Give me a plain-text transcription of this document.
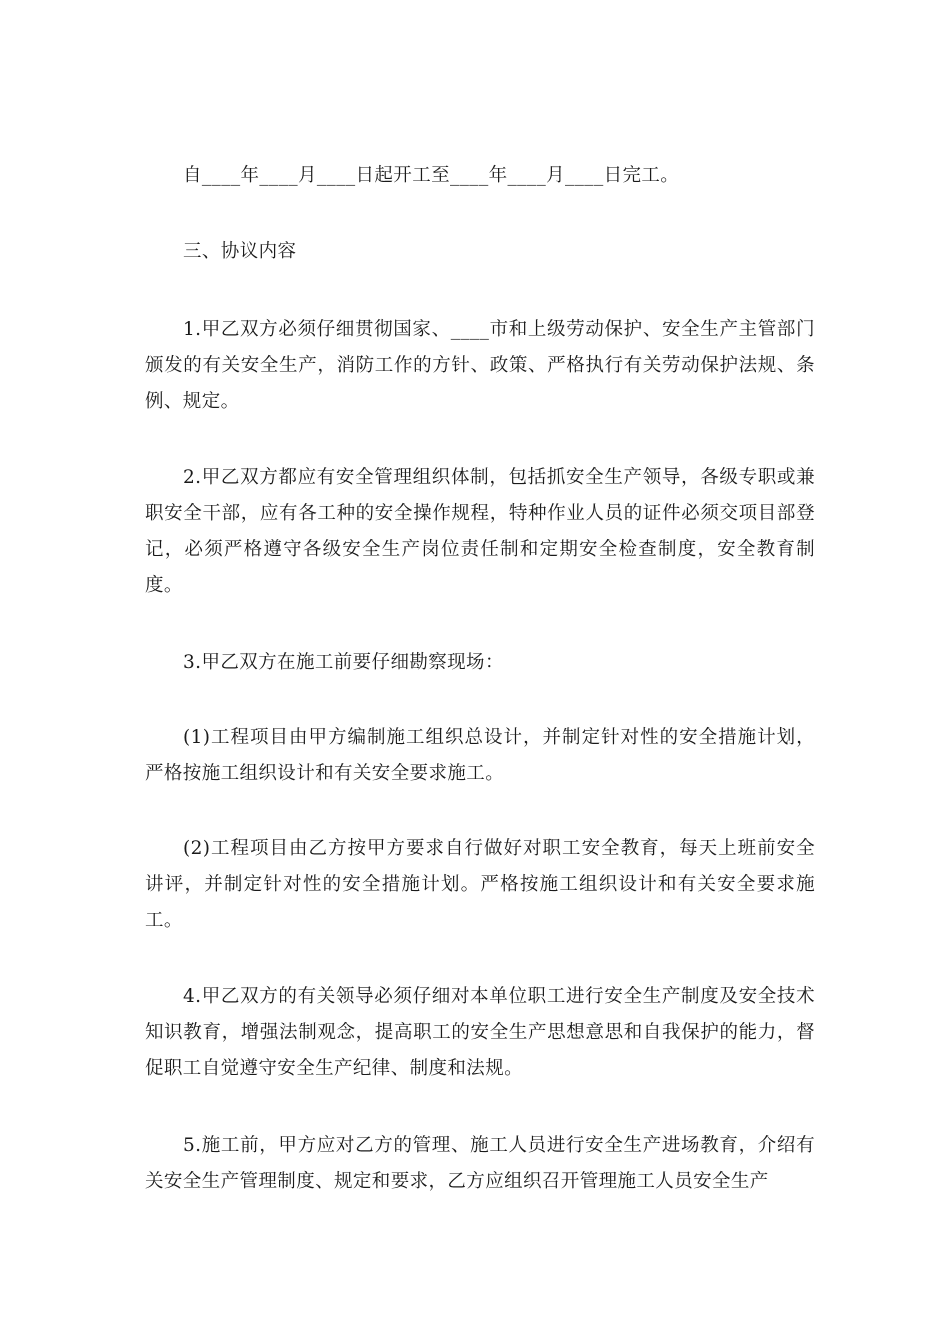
自____年____月____日起开工至____年____月____日完工。

三、协议内容

1.甲乙双方必须仔细贯彻国家、____市和上级劳动保护、安全生产主管部门颁发的有关安全生产，消防工作的方针、政策、严格执行有关劳动保护法规、条例、规定。

2.甲乙双方都应有安全管理组织体制，包括抓安全生产领导，各级专职或兼职安全干部，应有各工种的安全操作规程，特种作业人员的证件必须交项目部登记，必须严格遵守各级安全生产岗位责任制和定期安全检查制度，安全教育制度。

3.甲乙双方在施工前要仔细勘察现场：

(1)工程项目由甲方编制施工组织总设计，并制定针对性的安全措施计划，严格按施工组织设计和有关安全要求施工。

(2)工程项目由乙方按甲方要求自行做好对职工安全教育，每天上班前安全讲评，并制定针对性的安全措施计划。严格按施工组织设计和有关安全要求施工。

4.甲乙双方的有关领导必须仔细对本单位职工进行安全生产制度及安全技术知识教育，增强法制观念，提高职工的安全生产思想意思和自我保护的能力，督促职工自觉遵守安全生产纪律、制度和法规。

5.施工前，甲方应对乙方的管理、施工人员进行安全生产进场教育，介绍有关安全生产管理制度、规定和要求，乙方应组织召开管理施工人员安全生产
